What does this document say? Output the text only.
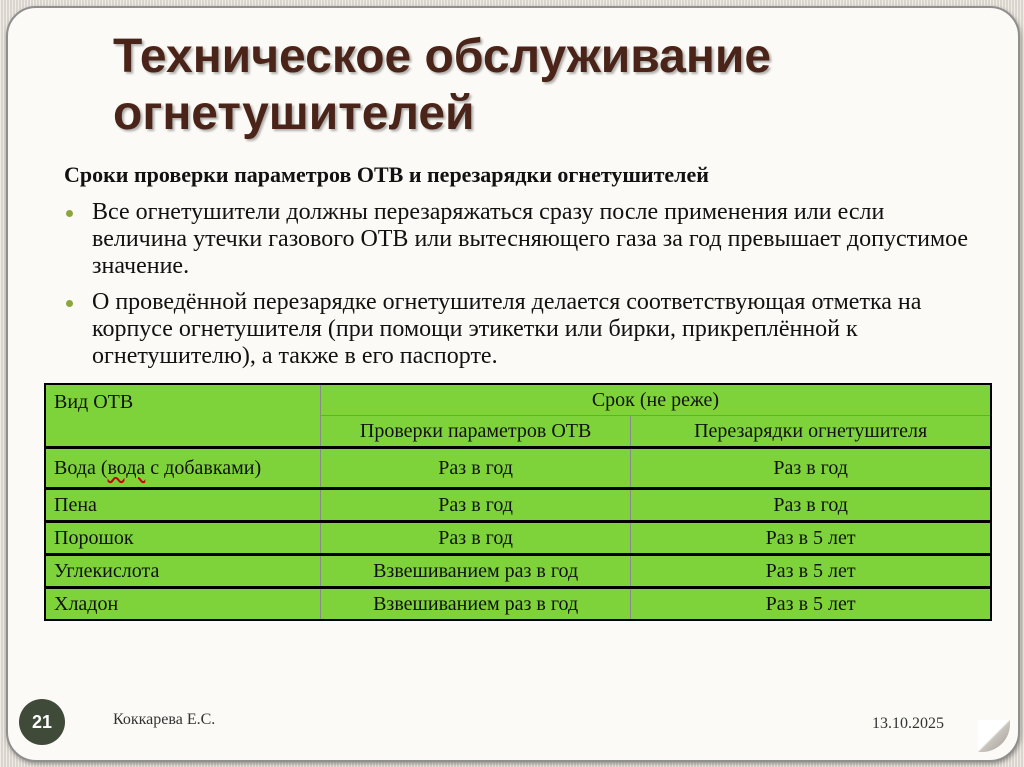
Техническое обслуживание огнетушителей
Сроки проверки параметров ОТВ и перезарядки огнетушителей
Все огнетушители должны перезаряжаться сразу после применения или если величина утечки газового ОТВ или вытесняющего газа за год превышает допустимое значение.
О проведённой перезарядке огнетушителя делается соответствующая отметка на корпусе огнетушителя (при помощи этикетки или бирки, прикреплённой к огнетушителю), а также в его паспорте.
Вид ОТВ	Срок (не реже)	
	Проверки параметров ОТВ	Перезарядки огнетушителя
Вода (вода с добавками)	Раз в год	Раз в год
Пена	Раз в год	Раз в год
Порошок	Раз в год	Раз в 5 лет
Углекислота	Взвешиванием раз в год	Раз в 5 лет
Хладон	Взвешиванием раз в год	Раз в 5 лет
21	Коккарева Е.С.	13.10.2025
